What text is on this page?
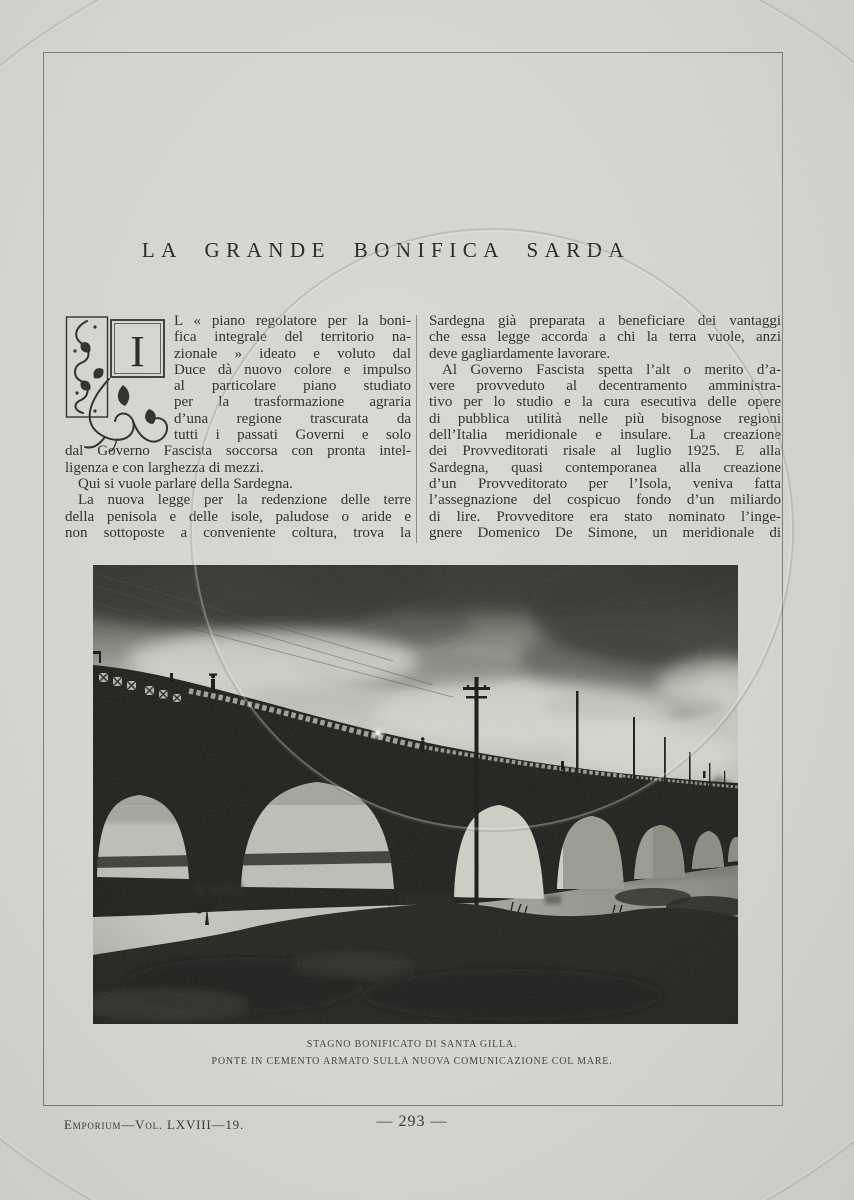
LA GRANDE BONIFICA SARDA
I
L « piano regolatore per la boni-
fica integrale del territorio na-
zionale » ideato e voluto dal
Duce dà nuovo colore e impulso
al particolare piano studiato
per la trasformazione agraria
d’una regione trascurata da
tutti i passati Governi e solo
dal Governo Fascista soccorsa con pronta intel-
ligenza e con larghezza di mezzi.
Qui si vuole parlare della Sardegna.
La nuova legge per la redenzione delle terre
della penisola e delle isole, paludose o aride e
non sottoposte a conveniente coltura, trova la
Sardegna già preparata a beneficiare dei vantaggi
che essa legge accorda a chi la terra vuole, anzi
deve gagliardamente lavorare.
Al Governo Fascista spetta l’alt o merito d’a-
vere provveduto al decentramento amministra-
tivo per lo studio e la cura esecutiva delle opere
di pubblica utilità nelle più bisognose regioni
dell’Italia meridionale e insulare. La creazione
dei Provveditorati risale al luglio 1925. E alla
Sardegna, quasi contemporanea alla creazione
d’un Provveditorato per l’Isola, veniva fatta
l’assegnazione del cospicuo fondo d’un miliardo
di lire. Provveditore era stato nominato l’inge-
gnere Domenico De Simone, un meridionale di
STAGNO BONIFICATO DI SANTA GILLA.
PONTE IN CEMENTO ARMATO SULLA NUOVA COMUNICAZIONE COL MARE.
Emporium—Vol. LXVIII—19.	— 293 —
